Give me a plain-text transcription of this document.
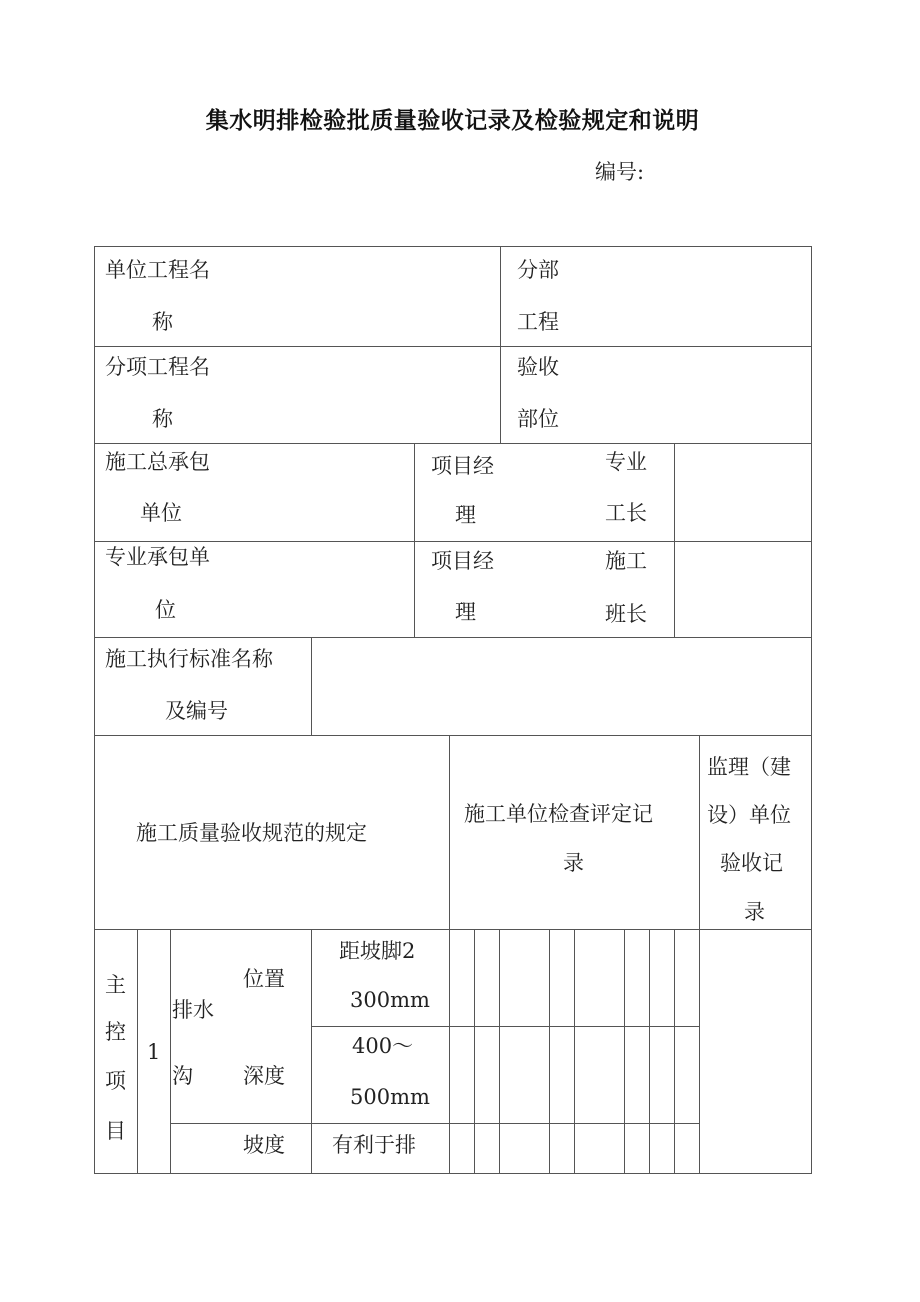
集水明排检验批质量验收记录及检验规定和说明
编号:
单位工程名
称
分部
工程
分项工程名
称
验收
部位
施工总承包
单位
项目经
理
专业
工长
专业承包单
位
项目经
理
施工
班长
施工执行标准名称
及编号
施工质量验收规范的规定
施工单位检查评定记
录
监理（建
设）单位
验收记
录
主
控
项
目
1
排水
沟
位置
距坡脚2
300mm
深度
400～
500mm
坡度 有利于排
